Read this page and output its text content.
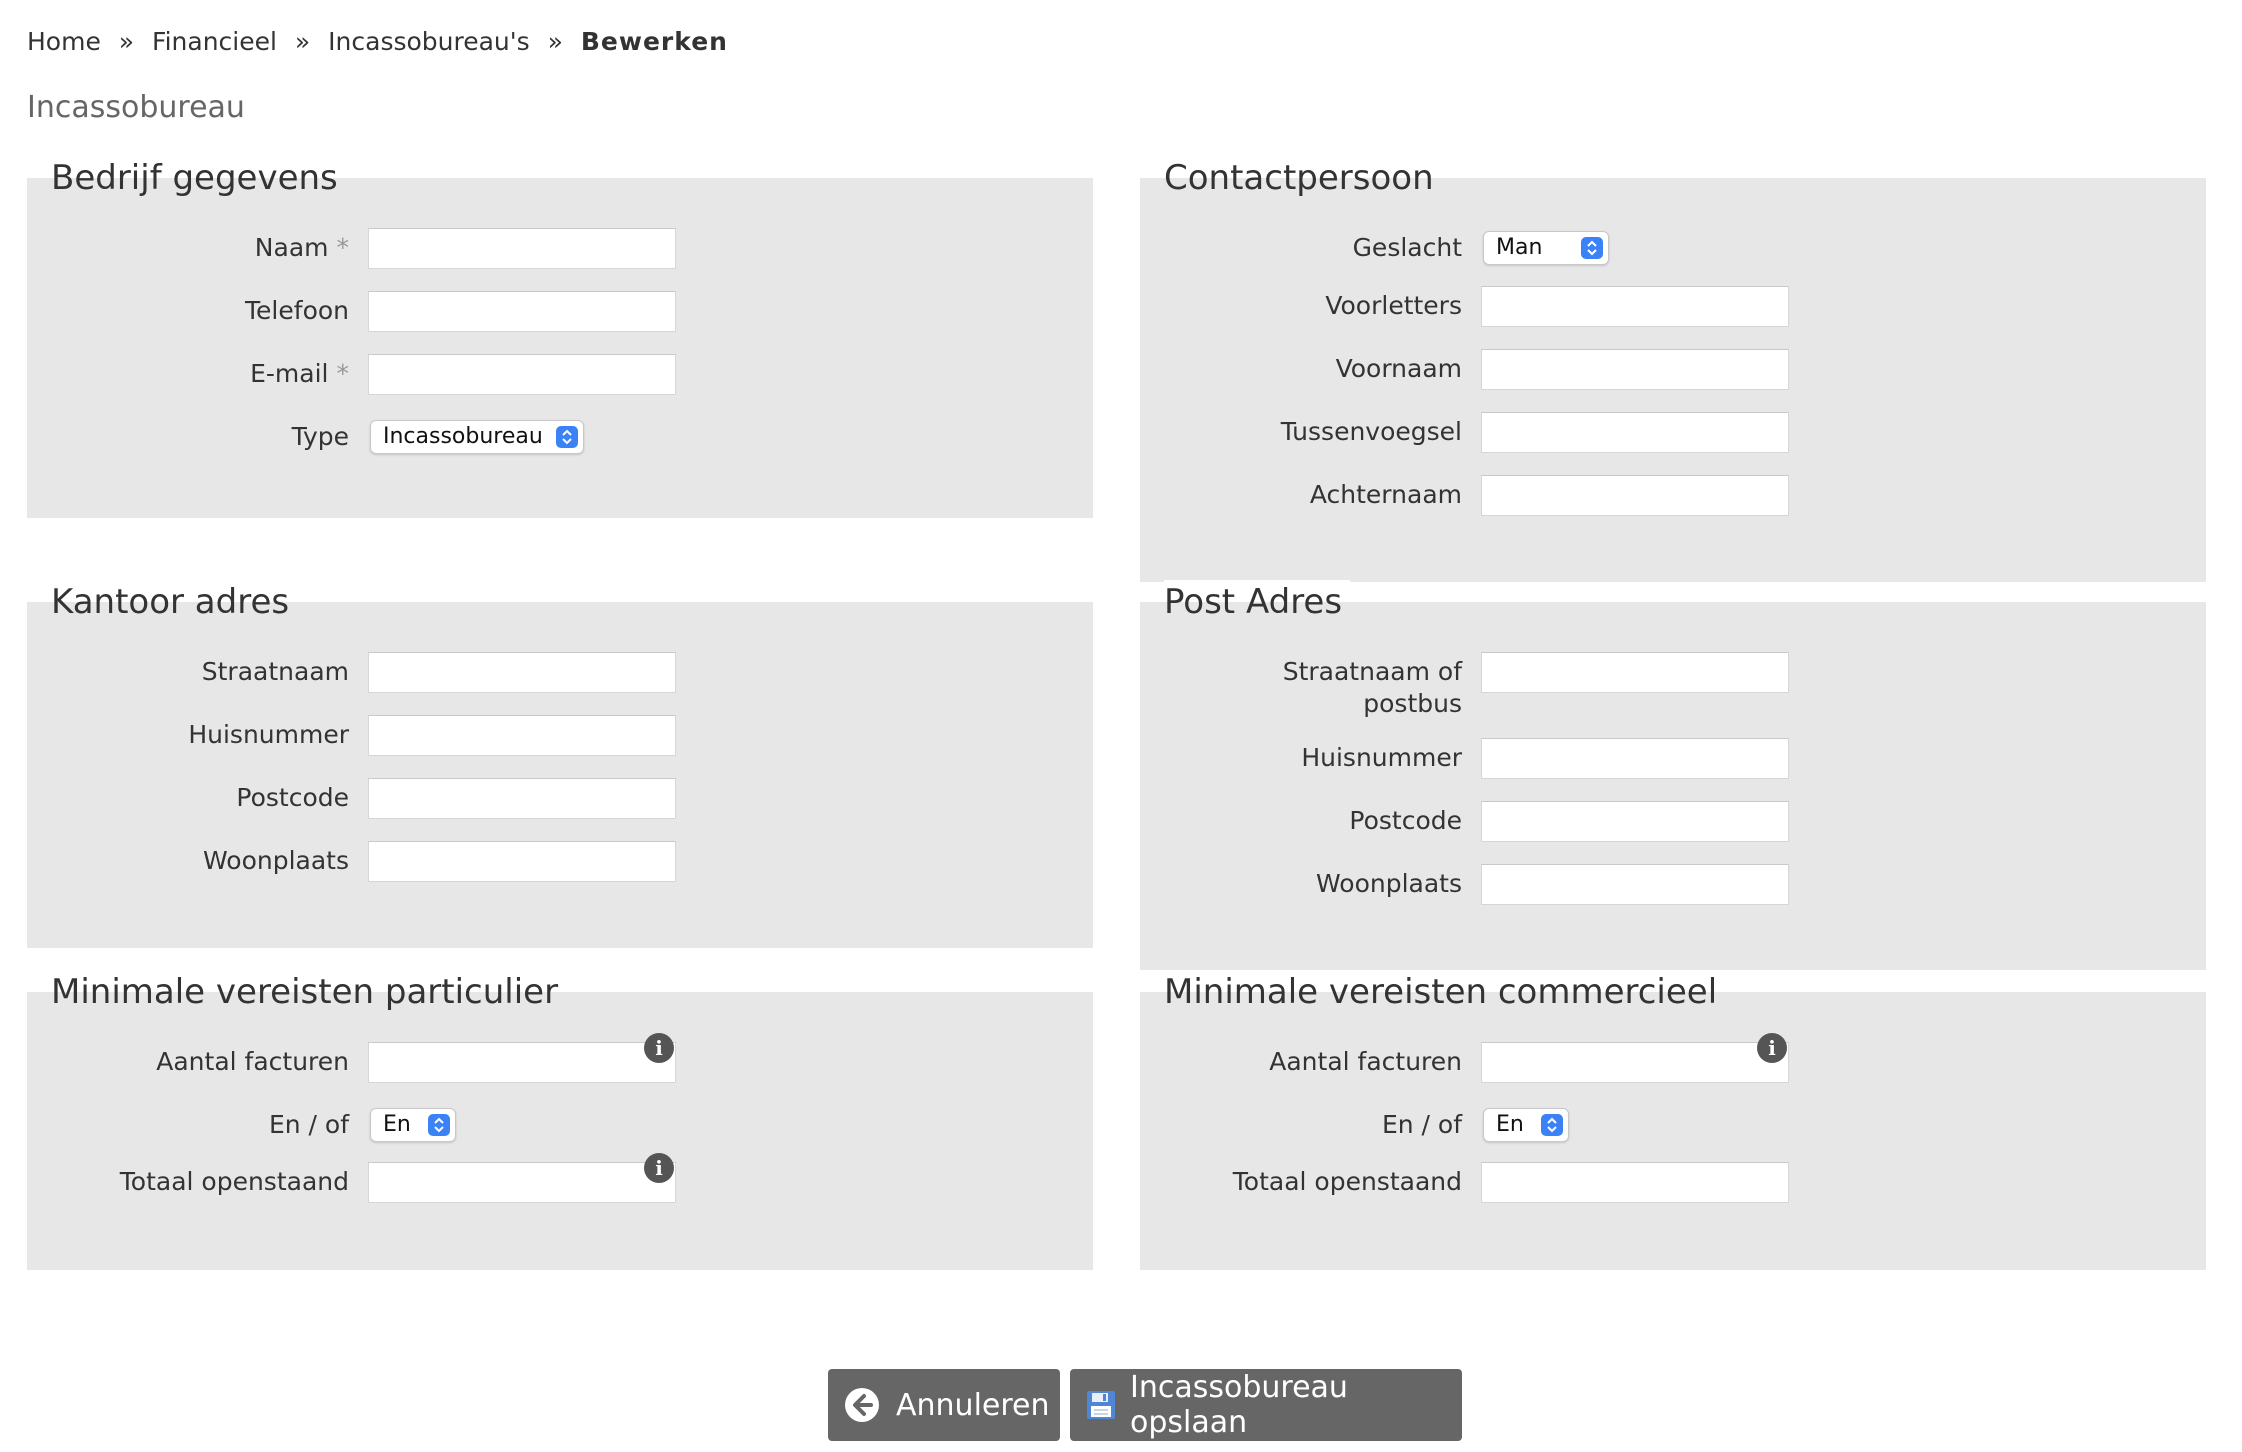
Home » Financieel » Incassobureau's » Bewerken
Incassobureau
Bedrijf gegevens
Naam *
Telefoon
E-mail *
Type	Incassobureau
Contactpersoon
Geslacht	Man
Voorletters
Voornaam
Tussenvoegsel
Achternaam
Kantoor adres
Straatnaam
Huisnummer
Postcode
Woonplaats
Post Adres
Straatnaam of
postbus
Huisnummer
Postcode
Woonplaats
Minimale vereisten particulier
Aantal facturen	i
En / of	En
Totaal openstaand	i
Minimale vereisten commercieel
Aantal facturen	i
En / of	En
Totaal openstaand
Annuleren	Incassobureau opslaan
